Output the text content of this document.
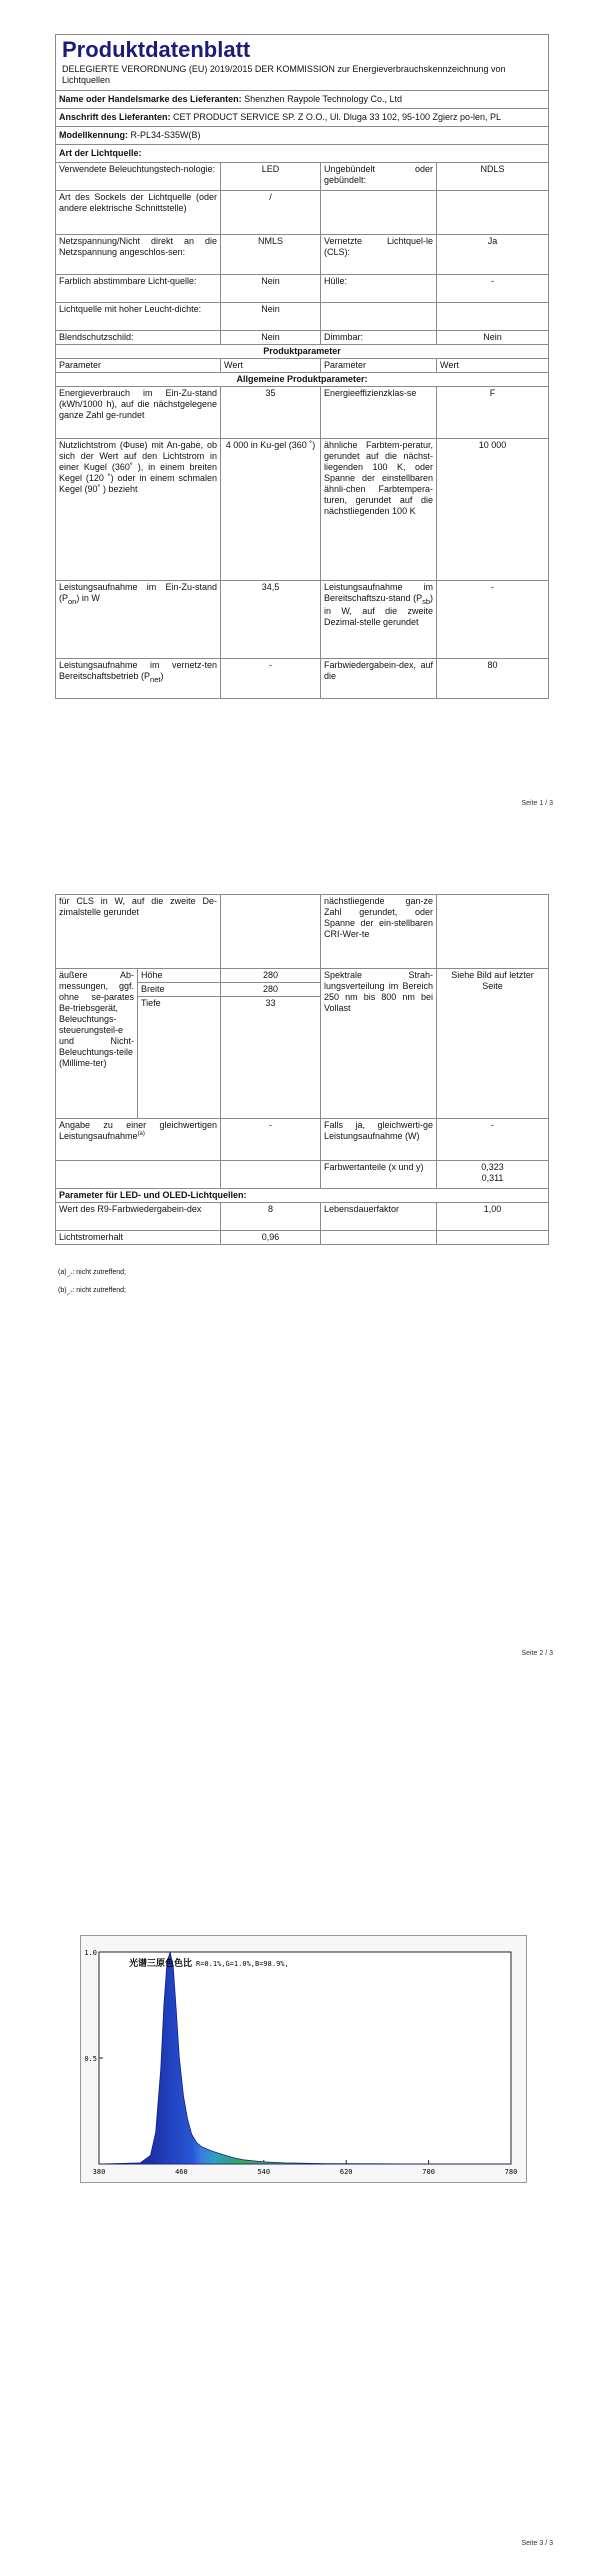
Produktdatenblatt
DELEGIERTE VERORDNUNG (EU) 2019/2015 DER KOMMISSION zur Energieverbrauchskennzeichnung von Lichtquellen			

Name oder Handelsmarke des Lieferanten: Shenzhen Raypole Technology Co., Ltd			
Anschrift des Lieferanten: CET PRODUCT SERVICE SP. Z O.O., Ul. Dluga 33 102, 95-100 Zgierz po-len, PL			
Modellkennung: R-PL34-S35W(B)			
Art der Lichtquelle:			
Verwendete Beleuchtungstech-nologie:	LED	Ungebündelt oder gebündelt:	NDLS
Art des Sockels der Lichtquelle (oder andere elektrische Schnittstelle)	/		
Netzspannung/Nicht direkt an die Netzspannung angeschlos-sen:	NMLS	Vernetzte Lichtquel-le (CLS):	Ja
Farblich abstimmbare Licht-quelle:	Nein	Hülle:	-
Lichtquelle mit hoher Leucht-dichte:	Nein		
Blendschutzschild:	Nein	Dimmbar:	Nein
Produktparameter			
Parameter	Wert	Parameter	Wert
Allgemeine Produktparameter:			
Energieverbrauch im Ein-Zu-stand (kWh/1000 h), auf die nächstgelegene ganze Zahl ge-rundet	35	Energieeffizienzklas-se	F
Nutzlichtstrom (Φuse) mit An-gabe, ob sich der Wert auf den Lichtstrom in einer Kugel (360˚ ), in einem breiten Kegel (120 ˚) oder in einem schmalen Kegel (90˚ ) bezieht	4 000 in Ku-gel (360 ˚)	ähnliche Farbtem-peratur, gerundet auf die nächst-liegenden 100 K, oder Spanne der einstellbaren ähnli-chen Farbtempera-turen, gerundet auf die nächstliegenden 100 K	10 000
Leistungsaufnahme im Ein-Zu-stand $(P_{on})$ in W	34,5	Leistungsaufnahme im Bereitschaftszu-stand $(P_{sb})$ in W, auf die zweite Dezimal-stelle gerundet	-
Leistungsaufnahme im vernetz-ten Bereitschaftsbetrieb $(P_{net})$	-	Farbwiedergabein-dex, auf die	80
Seite 1 / 3
für CLS in W, auf die zweite De-zimalstelle gerundet			nächstliegende gan-ze Zahl gerundet, oder Spanne der ein-stellbaren CRI-Wer-te	
äußere Ab-messungen, ggf. ohne se-parates Be-triebsgerät, Beleuchtungs-steuerungsteil-e und Nicht-Beleuchtungs-teile (Millime-ter)	Höhe	280	Spektrale Strah-lungsverteilung im Bereich 250 nm bis 800 nm bei Vollast	Siehe Bild auf letzter Seite
	Breite	280		
	Tiefe	33		
Angabe zu einer gleichwertigen Leistungsaufnahme$^{(a)}$		-	Falls ja, gleichwerti-ge Leistungsaufnahme (W)	-
			Farbwertanteile (x und y)	0,323
0,311

Parameter für LED- und OLED-Lichtquellen:				
Wert des R9-Farbwiedergabein-dex		8	Lebensdauerfaktor	1,00
Lichtstromerhalt		0,96		
$(a)_{„-“}$: nicht zutreffend;
$(b)_{„-“}$: nicht zutreffend;
Seite 2 / 3
380	460	540	620	700	780
0.5
1.0
光谱三原色色比 R=0.1%,G=1.0%,B=98.9%,
Seite 3 / 3
